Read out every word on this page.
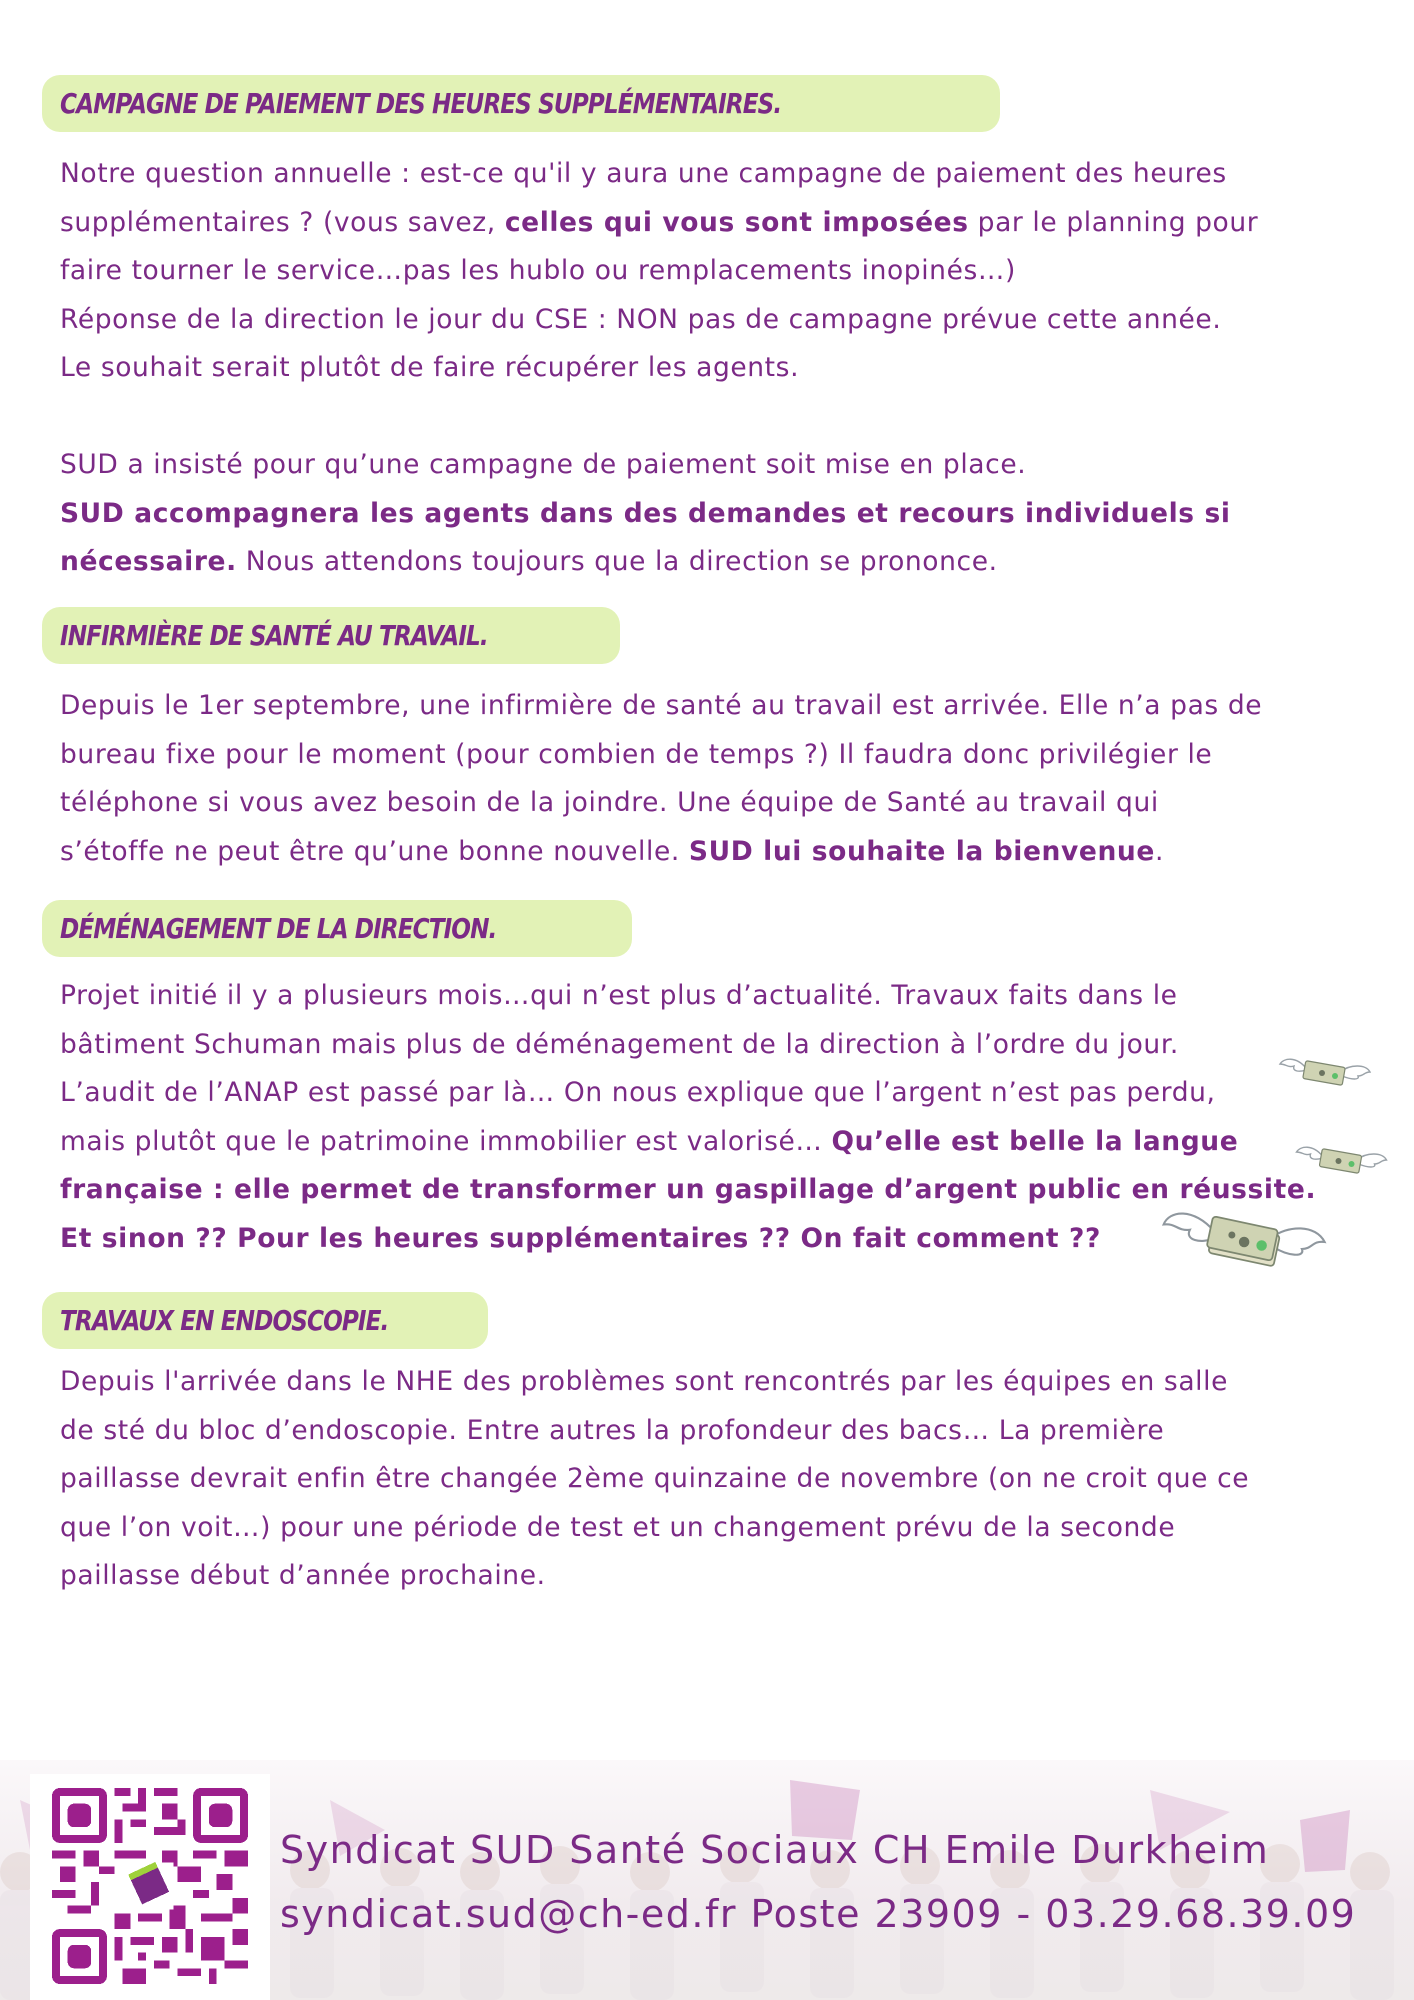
CAMPAGNE DE PAIEMENT DES HEURES SUPPLÉMENTAIRES.

Notre question annuelle : est-ce qu'il y aura une campagne de paiement des heures

supplémentaires ? (vous savez, celles qui vous sont imposées par le planning pour

faire tourner le service…pas les hublo ou remplacements inopinés…)

Réponse de la direction le jour du CSE : NON pas de campagne prévue cette année.

Le souhait serait plutôt de faire récupérer les agents.

SUD a insisté pour qu’une campagne de paiement soit mise en place.

SUD accompagnera les agents dans des demandes et recours individuels si

nécessaire. Nous attendons toujours que la direction se prononce.

INFIRMIÈRE DE SANTÉ AU TRAVAIL.

Depuis le 1er septembre, une infirmière de santé au travail est arrivée. Elle n’a pas de

bureau fixe pour le moment (pour combien de temps ?) Il faudra donc privilégier le

téléphone si vous avez besoin de la joindre. Une équipe de Santé au travail qui

s’étoffe ne peut être qu’une bonne nouvelle. SUD lui souhaite la bienvenue.

DÉMÉNAGEMENT DE LA DIRECTION.

Projet initié il y a plusieurs mois…qui n’est plus d’actualité. Travaux faits dans le

bâtiment Schuman mais plus de déménagement de la direction à l’ordre du jour.

L’audit de l’ANAP est passé par là… On nous explique que l’argent n’est pas perdu,

mais plutôt que le patrimoine immobilier est valorisé… Qu’elle est belle la langue

française : elle permet de transformer un gaspillage d’argent public en réussite.

Et sinon ?? Pour les heures supplémentaires ?? On fait comment ??

TRAVAUX EN ENDOSCOPIE.

Depuis l'arrivée dans le NHE des problèmes sont rencontrés par les équipes en salle

de sté du bloc d’endoscopie. Entre autres la profondeur des bacs… La première

paillasse devrait enfin être changée 2ème quinzaine de novembre (on ne croit que ce

que l’on voit…) pour une période de test et un changement prévu de la seconde

paillasse début d’année prochaine.

Syndicat SUD Santé Sociaux CH Emile Durkheim
syndicat.sud@ch-ed.fr Poste 23909 - 03.29.68.39.09
